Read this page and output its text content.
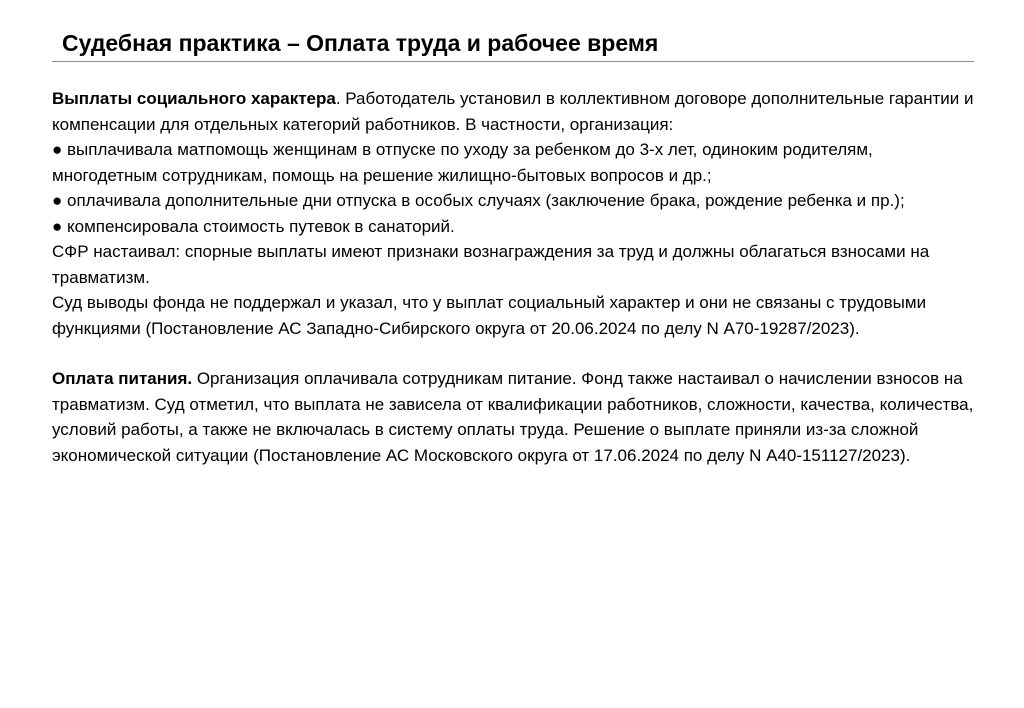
Судебная практика – Оплата труда и рабочее время

Выплаты социального характера. Работодатель установил в коллективном договоре дополнительные гарантии и компенсации для отдельных категорий работников. В частности, организация:

● выплачивала матпомощь женщинам в отпуске по уходу за ребенком до 3-х лет, одиноким родителям, многодетным сотрудникам, помощь на решение жилищно-бытовых вопросов и др.;

● оплачивала дополнительные дни отпуска в особых случаях (заключение брака, рождение ребенка и пр.);

● компенсировала стоимость путевок в санаторий.

СФР настаивал: спорные выплаты имеют признаки вознаграждения за труд и должны облагаться взносами на травматизм.

Суд выводы фонда не поддержал и указал, что у выплат социальный характер и они не связаны с трудовыми функциями (Постановление АС Западно-Сибирского округа от 20.06.2024 по делу N А70-19287/2023).

Оплата питания. Организация оплачивала сотрудникам питание. Фонд также настаивал о начислении взносов на травматизм. Суд отметил, что выплата не зависела от квалификации работников, сложности, качества, количества, условий работы, а также не включалась в систему оплаты труда. Решение о выплате приняли из-за сложной экономической ситуации (Постановление АС Московского округа от 17.06.2024 по делу N А40-151127/2023).
